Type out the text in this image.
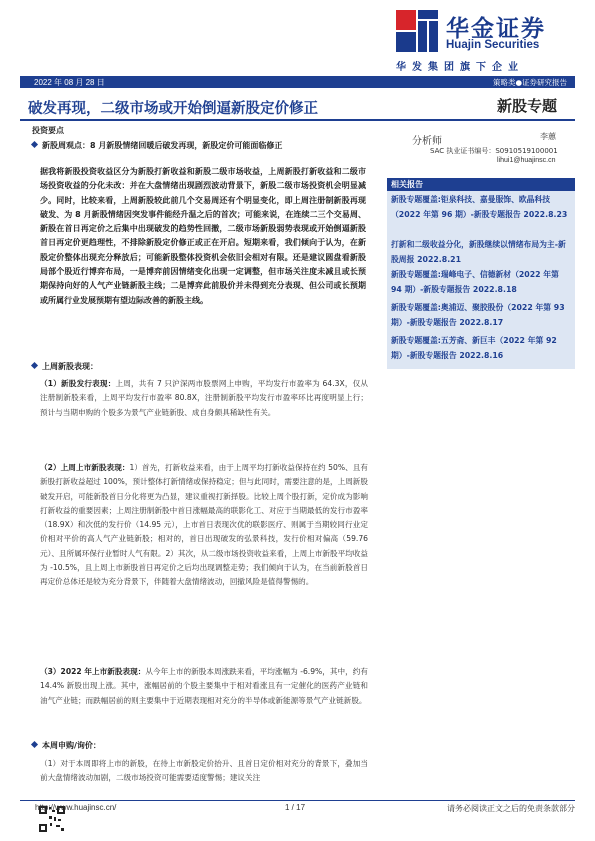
华金证券
Huajin Securities
华发集团旗下企业
2022 年 08 月 28 日	策略类●证券研究报告
破发再现，二级市场或开始倒逼新股定价修正	新股专题
投资要点
新股周观点：8 月新股情绪回暖后破发再现，新股定价可能面临修正
据我将新股投资收益区分为新股打新收益和新股二级市场收益，上周新股打新收益和二级市场投资收益的分化未改：并在大盘情绪出现剧烈波动背景下，新股二级市场投资机会明显减少。同时，比较来看，上周新股较此前几个交易周还有个明显变化，即上周注册制新股再现破发、为 8 月新股情绪因突发事件能经升温之后的首次；可能来说，在连续二三个交易周、新股在首日再定价之后集中出现破发的趋势性回撤，二级市场新股弱势表现或开始倒逼新股首日再定价更趋理性，不排除新股定价修正或正在开启。短期来看，我们倾向于认为，在新股定价整体出现充分释放后；可能新股整体投资机会依旧会相对有限。还是建议圆盘看新股局部个股近行博弈布局，一是博弈前因情绪变化出现一定调整，但市场关注度未减且或长预期保持向好的人气产业链新股主线；二是博弈此前股价并未得到充分表现、但公司或长预期或所属行业发展预期有望边际改善的新股主线。
上周新股表现：
（1）新股发行表现：上周，共有 7 只沪深两市股票网上申购，平均发行市盈率为 64.3X，仅从注册制新股来看，上周平均发行市盈率 80.8X，注册制新股平均发行市盈率环比再度明显上行；预计与当期申购的个股多为景气产业链新股、成自身颇具稀缺性有关。
（2）上周上市新股表现：1）首先，打新收益来看，由于上周平均打新收益保持在约 50%、且有新股打新收益超过 100%，预计整体打新情绪或保持稳定；但与此同时，需要注意的是，上周新股破发开启，可能新股首日分化将更为凸显，建议重视打新择股。比较上周个股打新，定价成为影响打新收益的重要因素；上周注册制新股中首日涨幅最高的联影化工、对应于当期最低的发行市盈率（18.9X）和次低的发行价（14.95 元），上市首日表现次优的联影医疗、则属于当期较同行业定价相对平价的高人气产业链新股；相对的，首日出现破发的弘景科技，发行价相对偏高（59.76 元）、且所属环保行业暂时人气有限。2）其次，从二级市场投资收益来看，上周上市新股平均收益为 -10.5%，且上周上市新股首日再定价之后均出现调整走势；我们倾向于认为，在当前新股首日再定价总体还是较为充分背景下，伴随着大盘情绪波动，回撤风险是值得警惕的。
（3）2022 年上市新股表现：从今年上市的新股本周涨跌来看，平均涨幅为 -6.9%，其中，约有 14.4% 新股出现上涨。其中，涨幅居前的个股主要集中于相对看涨且有一定催化的医药产业链和油气产业链；而跌幅居前的则主要集中于近期表现相对充分的半导体或新能源等景气产业链新股。
本周申购/询价：
（1）对于本周即将上市的新股，在待上市新股定价抬升、且首日定价相对充分的背景下，叠加当前大盘情绪波动加剧，二级市场投资可能需要适度警惕；建议关注
分析师	李蕙
SAC 执业证书编号：S0910519100001
lihui1@huajinsc.cn
相关报告
新股专题覆盖:钜泉科技、嘉曼服饰、欧晶科技（2022 年第 96 期）-新股专题报告 2022.8.23
打新和二级收益分化，新股继续以情绪布局为主-新股周报 2022.8.21
新股专题覆盖:瑞峰电子、信德新材（2022 年第 94 期）-新股专题报告 2022.8.18
新股专题覆盖:奥浦迈、聚胶股份（2022 年第 93 期）-新股专题报告 2022.8.17
新股专题覆盖:五芳斋、新巨丰（2022 年第 92 期）-新股专题报告 2022.8.16
http://www.huajinsc.cn/	1 / 17	请务必阅读正文之后的免责条款部分
